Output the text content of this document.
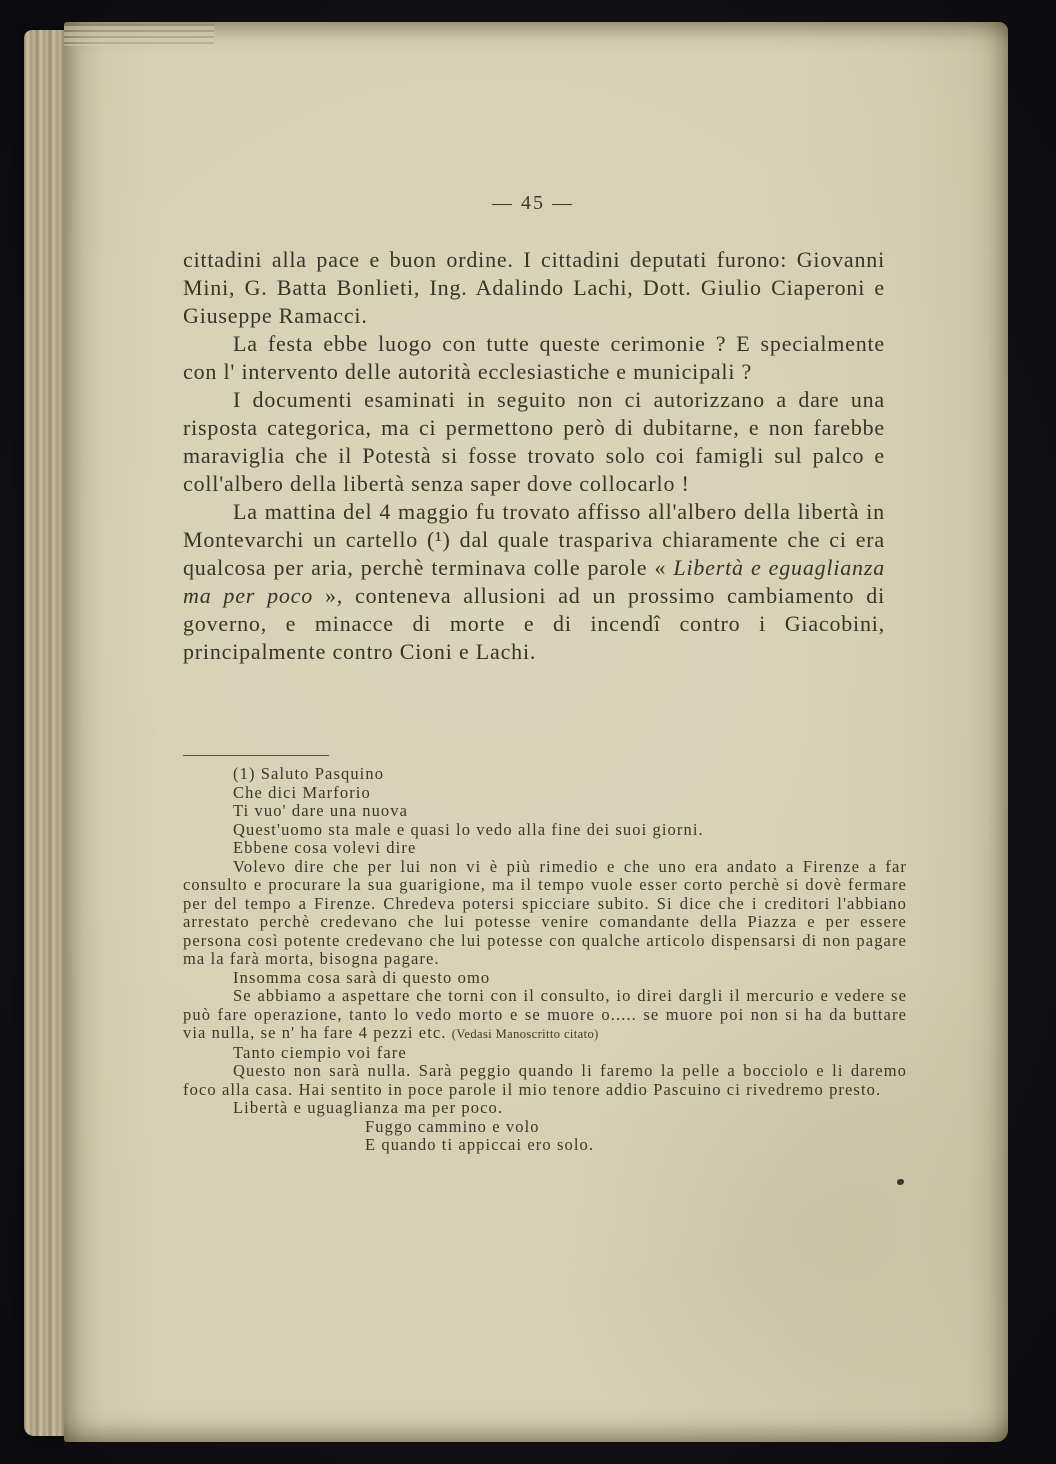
— 45 —

cittadini alla pace e buon ordine. I cittadini deputati furono: Giovanni Mini, G. Batta Bonlieti, Ing. Adalindo Lachi, Dott. Giulio Ciaperoni e Giuseppe Ramacci.

La festa ebbe luogo con tutte queste cerimonie ? E specialmente con l' intervento delle autorità ecclesiastiche e municipali ?

I documenti esaminati in seguito non ci autorizzano a dare una risposta categorica, ma ci permettono però di dubitarne, e non farebbe maraviglia che il Potestà si fosse trovato solo coi famigli sul palco e coll'albero della libertà senza saper dove collocarlo !

La mattina del 4 maggio fu trovato affisso all'albero della libertà in Montevarchi un cartello (¹) dal quale traspariva chiaramente che ci era qualcosa per aria, perchè terminava colle parole « Libertà e eguaglianza ma per poco », conteneva allusioni ad un prossimo cambiamento di governo, e minacce di morte e di incendî contro i Giacobini, principalmente contro Cioni e Lachi.

(1) Saluto Pasquino

Che dici Marforio

Ti vuo' dare una nuova

Quest'uomo sta male e quasi lo vedo alla fine dei suoi giorni.

Ebbene cosa volevi dire

Volevo dire che per lui non vi è più rimedio e che uno era andato a Firenze a far consulto e procurare la sua guarigione, ma il tempo vuole esser corto perchè si dovè fermare per del tempo a Firenze. Chredeva potersi spicciare subito. Si dice che i creditori l'abbiano arrestato perchè credevano che lui potesse venire comandante della Piazza e per essere persona così potente credevano che lui potesse con qualche articolo dispensarsi di non pagare ma la farà morta, bisogna pagare.

Insomma cosa sarà di questo omo

Se abbiamo a aspettare che torni con il consulto, io direi dargli il mercurio e vedere se può fare operazione, tanto lo vedo morto e se muore o..... se muore poi non si ha da buttare via nulla, se n' ha fare 4 pezzi etc. (Vedasi Manoscritto citato)

Tanto ciempio voi fare

Questo non sarà nulla. Sarà peggio quando li faremo la pelle a bocciolo e li daremo foco alla casa. Hai sentito in poce parole il mio tenore addio Pascuino ci rivedremo presto.

Libertà e uguaglianza ma per poco.

Fuggo cammino e volo

E quando ti appiccai ero solo.
